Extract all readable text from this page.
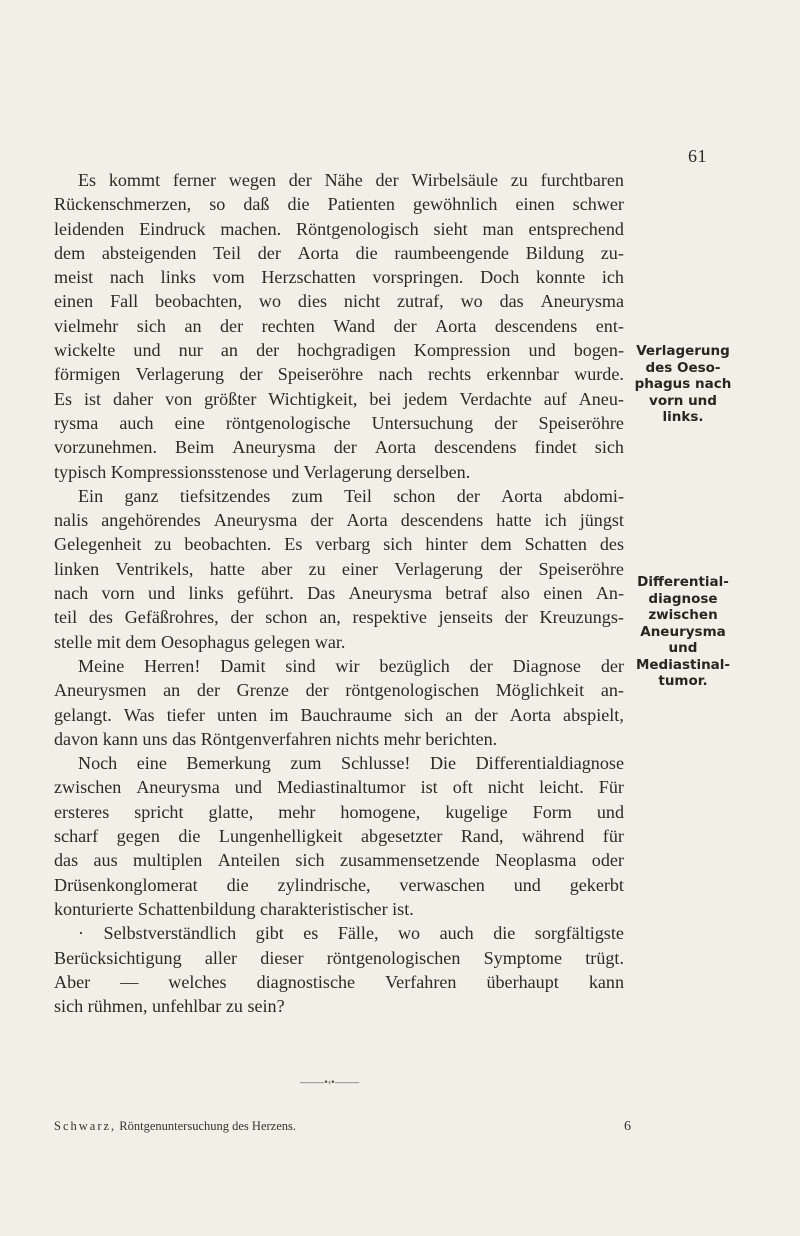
61
Es kommt ferner wegen der Nähe der Wirbelsäule zu furchtbaren
Rückenschmerzen, so daß die Patienten gewöhnlich einen schwer
leidenden Eindruck machen. Röntgenologisch sieht man entsprechend
dem absteigenden Teil der Aorta die raumbeengende Bildung zu-
meist nach links vom Herzschatten vorspringen. Doch konnte ich
einen Fall beobachten, wo dies nicht zutraf, wo das Aneurysma
vielmehr sich an der rechten Wand der Aorta descendens ent-
wickelte und nur an der hochgradigen Kompression und bogen-
förmigen Verlagerung der Speiseröhre nach rechts erkennbar wurde.
Es ist daher von größter Wichtigkeit, bei jedem Verdachte auf Aneu-
rysma auch eine röntgenologische Untersuchung der Speiseröhre
vorzunehmen. Beim Aneurysma der Aorta descendens findet sich
typisch Kompressionsstenose und Verlagerung derselben.
Ein ganz tiefsitzendes zum Teil schon der Aorta abdomi-
nalis angehörendes Aneurysma der Aorta descendens hatte ich jüngst
Gelegenheit zu beobachten. Es verbarg sich hinter dem Schatten des
linken Ventrikels, hatte aber zu einer Verlagerung der Speiseröhre
nach vorn und links geführt. Das Aneurysma betraf also einen An-
teil des Gefäßrohres, der schon an, respektive jenseits der Kreuzungs-
stelle mit dem Oesophagus gelegen war.
Meine Herren! Damit sind wir bezüglich der Diagnose der
Aneurysmen an der Grenze der röntgenologischen Möglichkeit an-
gelangt. Was tiefer unten im Bauchraume sich an der Aorta abspielt,
davon kann uns das Röntgenverfahren nichts mehr berichten.
Noch eine Bemerkung zum Schlusse! Die Differentialdiagnose
zwischen Aneurysma und Mediastinaltumor ist oft nicht leicht. Für
ersteres spricht glatte, mehr homogene, kugelige Form und
scharf gegen die Lungenhelligkeit abgesetzter Rand, während für
das aus multiplen Anteilen sich zusammensetzende Neoplasma oder
Drüsenkonglomerat die zylindrische, verwaschen und gekerbt
konturierte Schattenbildung charakteristischer ist.
· Selbstverständlich gibt es Fälle, wo auch die sorgfältigste
Berücksichtigung aller dieser röntgenologischen Symptome trügt.
Aber — welches diagnostische Verfahren überhaupt kann
sich rühmen, unfehlbar zu sein?
Verlagerung
des Oeso-
phagus nach
vorn und
links.
Differential-
diagnose
zwischen
Aneurysma
und
Mediastinal-
tumor.
———•‹•———
Schwarz, Röntgenuntersuchung des Herzens.	6
